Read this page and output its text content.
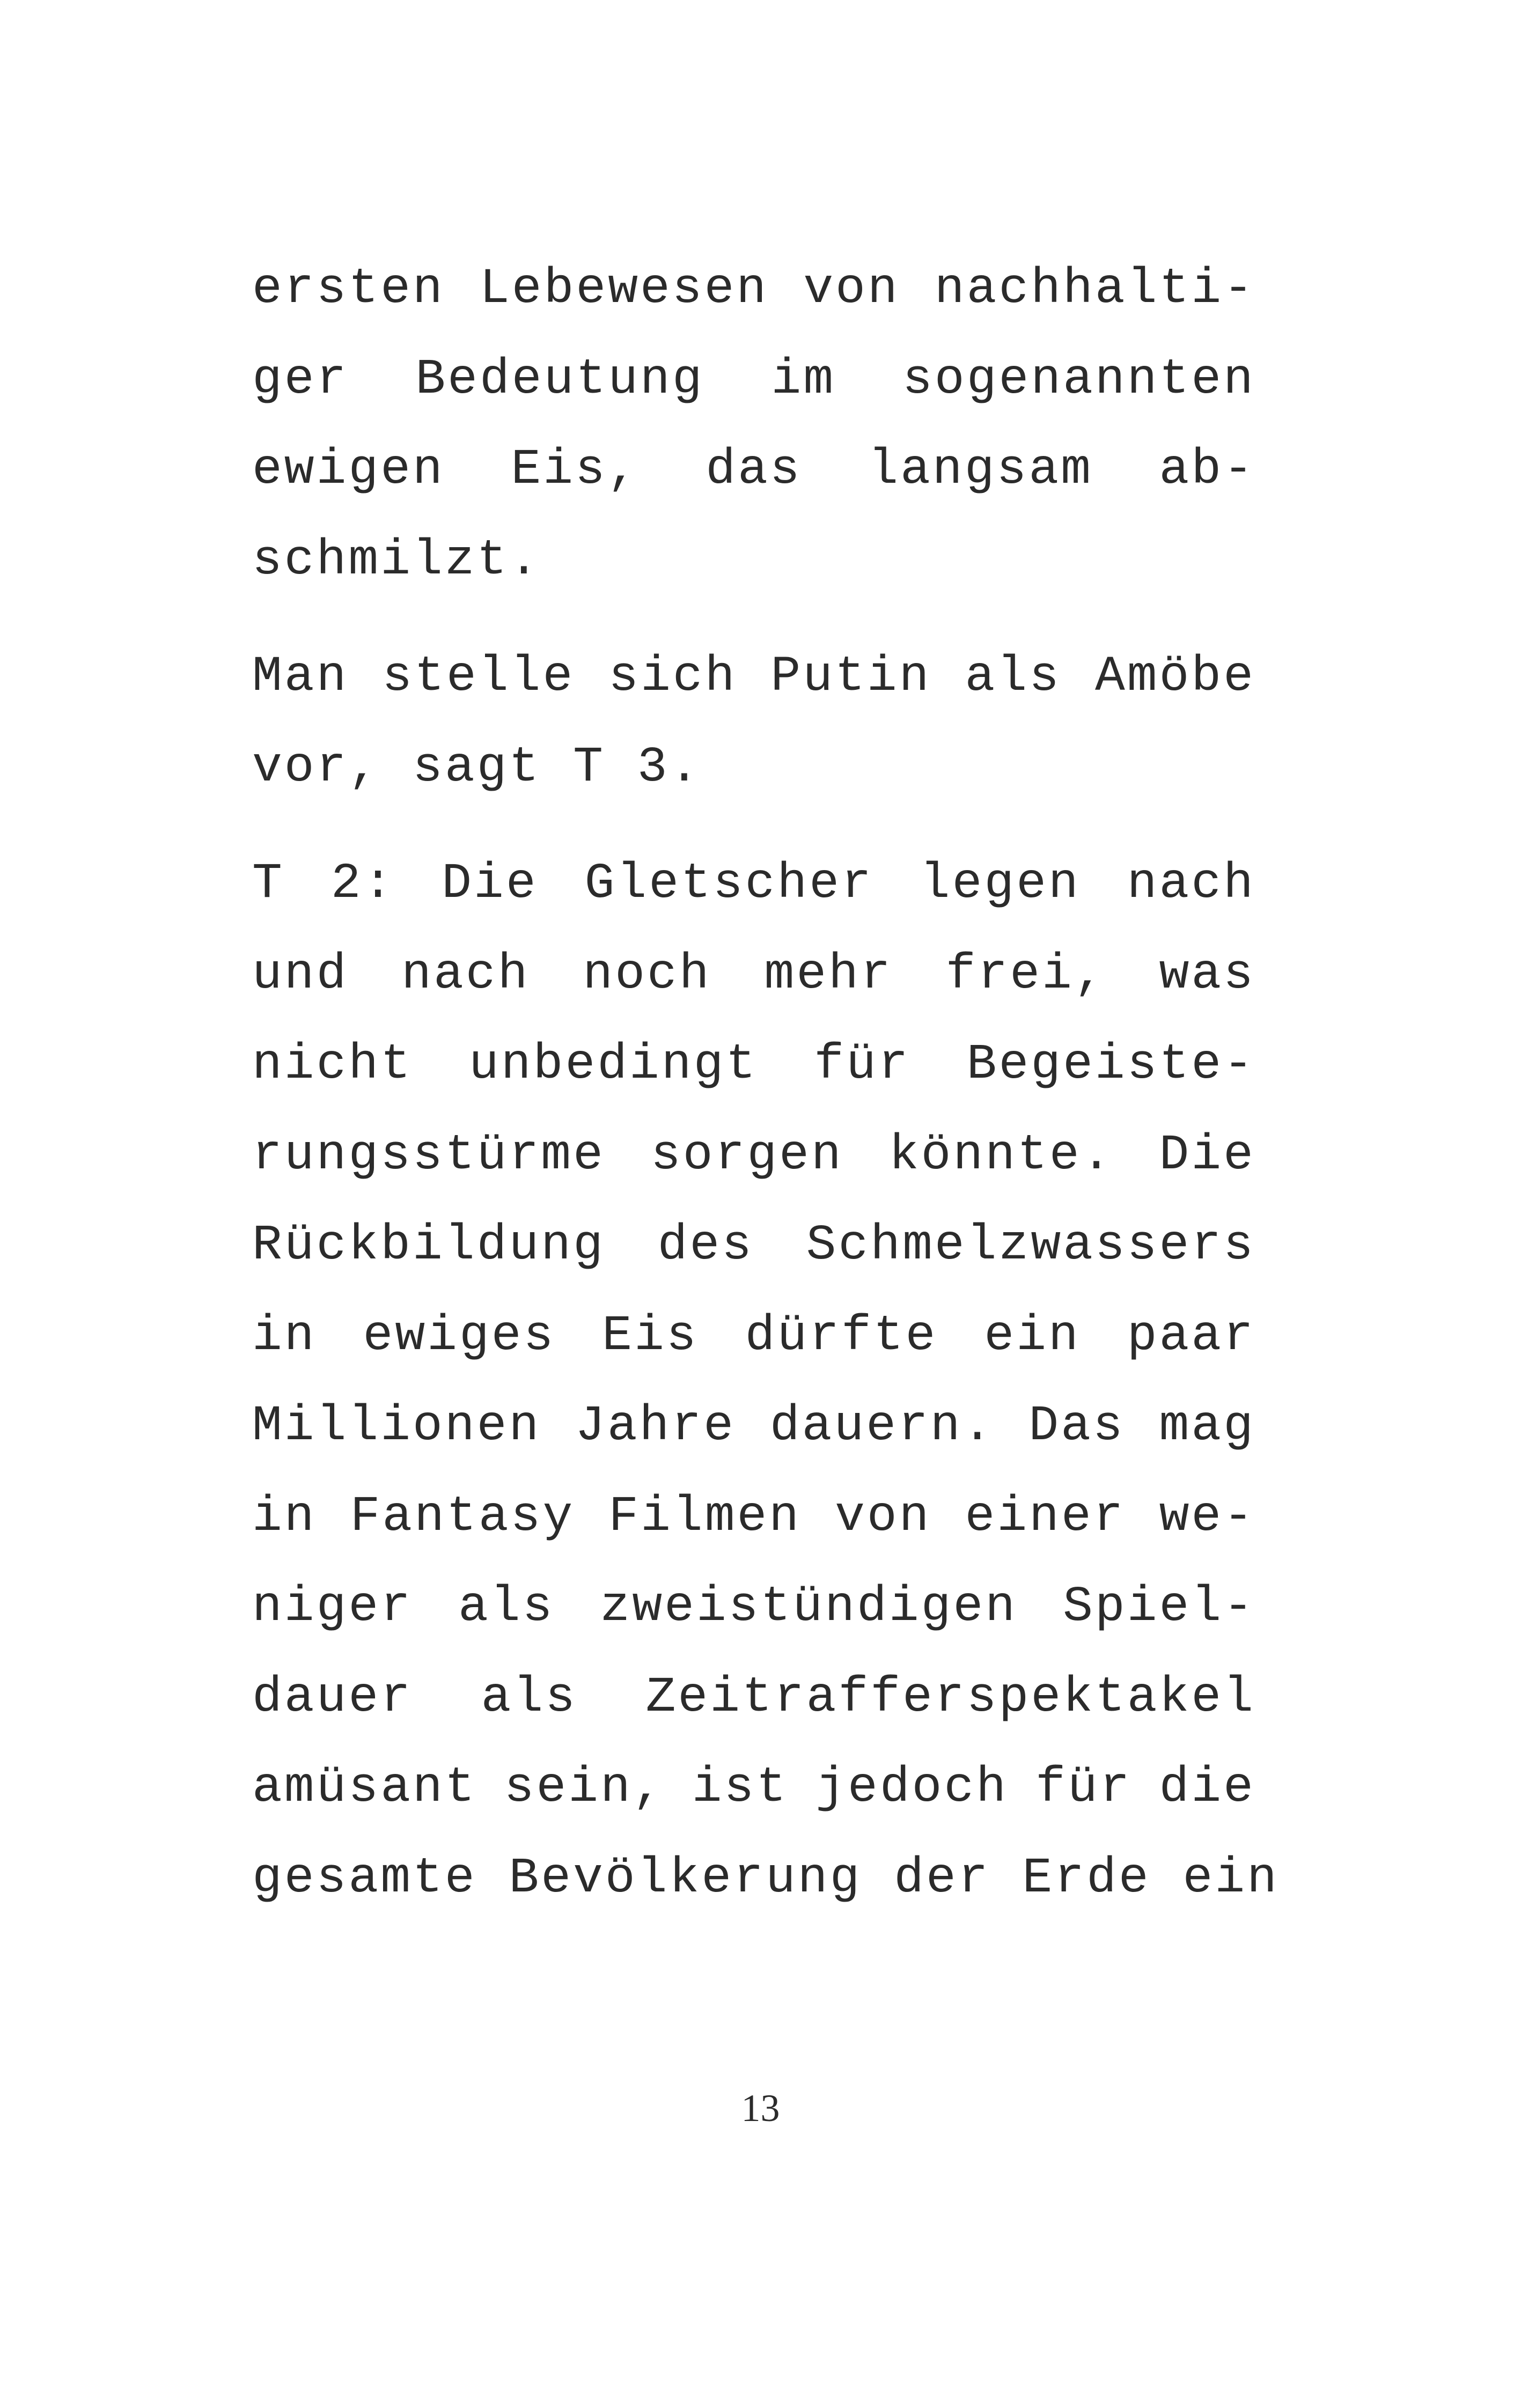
ersten Lebewesen von nachhalti-
ger Bedeutung im sogenannten
ewigen Eis, das langsam ab-
schmilzt.
Man stelle sich Putin als Amöbe
vor, sagt T 3.
T 2: Die Gletscher legen nach
und nach noch mehr frei, was
nicht unbedingt für Begeiste-
rungsstürme sorgen könnte. Die
Rückbildung des Schmelzwassers
in ewiges Eis dürfte ein paar
Millionen Jahre dauern. Das mag
in Fantasy Filmen von einer we-
niger als zweistündigen Spiel-
dauer als Zeitrafferspektakel
amüsant sein, ist jedoch für die
gesamte Bevölkerung der Erde ein
13
